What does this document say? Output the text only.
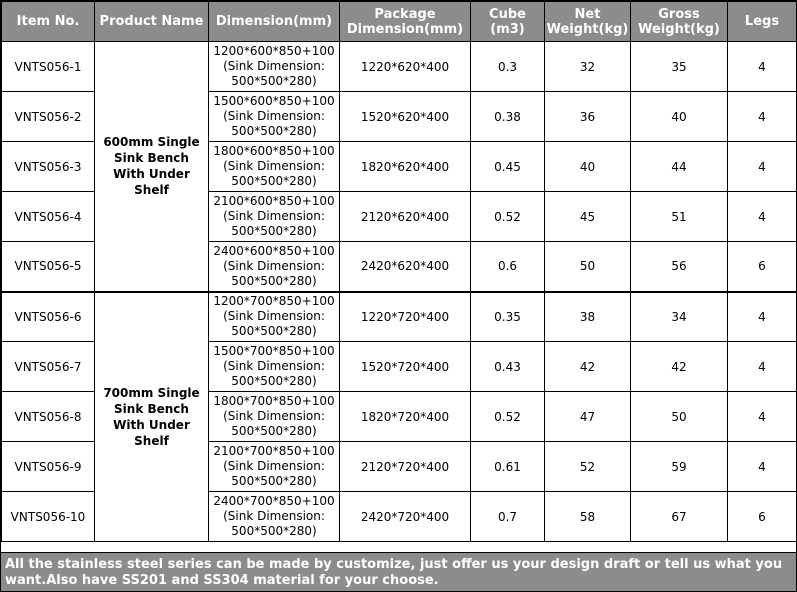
Item No.	Product Name	Dimension(mm)	Package Dimension(mm)	Cube (m3)	Net Weight(kg)	Gross Weight(kg)	Legs
VNTS056-1	600mm Single Sink Bench With Under Shelf	1200*600*850+100
(Sink Dimension:
500*500*280)	1220*620*400	0.3	32	35	4
VNTS056-2		1500*600*850+100
(Sink Dimension:
500*500*280)	1520*620*400	0.38	36	40	4
VNTS056-3		1800*600*850+100
(Sink Dimension:
500*500*280)	1820*620*400	0.45	40	44	4
VNTS056-4		2100*600*850+100
(Sink Dimension:
500*500*280)	2120*620*400	0.52	45	51	4
VNTS056-5		2400*600*850+100
(Sink Dimension:
500*500*280)	2420*620*400	0.6	50	56	6
VNTS056-6	700mm Single Sink Bench With Under Shelf	1200*700*850+100
(Sink Dimension:
500*500*280)	1220*720*400	0.35	38	34	4
VNTS056-7		1500*700*850+100
(Sink Dimension:
500*500*280)	1520*720*400	0.43	42	42	4
VNTS056-8		1800*700*850+100
(Sink Dimension:
500*500*280)	1820*720*400	0.52	47	50	4
VNTS056-9		2100*700*850+100
(Sink Dimension:
500*500*280)	2120*720*400	0.61	52	59	4
VNTS056-10		2400*700*850+100
(Sink Dimension:
500*500*280)	2420*720*400	0.7	58	67	6
All the stainless steel series can be made by customize, just offer us your design draft or tell us what you want.Also have SS201 and SS304 material for your choose.
